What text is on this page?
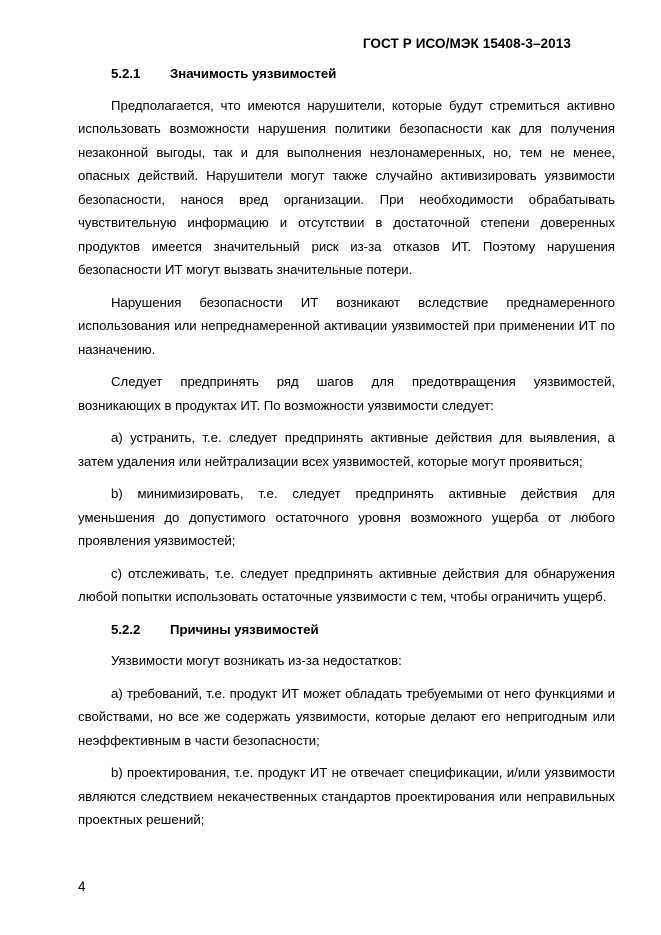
ГОСТ Р ИСО/МЭК 15408-3–2013
5.2.1	Значимость уязвимостей

Предполагается, что имеются нарушители, которые будут стремиться активно использовать возможности нарушения политики безопасности как для получения незаконной выгоды, так и для выполнения незлонамеренных, но, тем не менее, опасных действий. Нарушители могут также случайно активизировать уязвимости безопасности, нанося вред организации. При необходимости обрабатывать чувствительную информацию и отсутствии в достаточной степени доверенных продуктов имеется значительный риск из-за отказов ИТ. Поэтому нарушения безопасности ИТ могут вызвать значительные потери.

Нарушения безопасности ИТ возникают вследствие преднамеренного использования или непреднамеренной активации уязвимостей при применении ИТ по назначению.

Следует предпринять ряд шагов для предотвращения уязвимостей, возникающих в продуктах ИТ. По возможности уязвимости следует:

а) устранить, т.е. следует предпринять активные действия для выявления, а затем удаления или нейтрализации всех уязвимостей, которые могут проявиться;

b) минимизировать, т.е. следует предпринять активные действия для уменьшения до допустимого остаточного уровня возможного ущерба от любого проявления уязвимостей;

c) отслеживать, т.е. следует предпринять активные действия для обнаружения любой попытки использовать остаточные уязвимости с тем, чтобы ограничить ущерб.

5.2.2	Причины уязвимостей

Уязвимости могут возникать из-за недостатков:

а) требований, т.е. продукт ИТ может обладать требуемыми от него функциями и свойствами, но все же содержать уязвимости, которые делают его непригодным или неэффективным в части безопасности;

b) проектирования, т.е. продукт ИТ не отвечает спецификации, и/или уязвимости являются следствием некачественных стандартов проектирования или неправильных проектных решений;

4
